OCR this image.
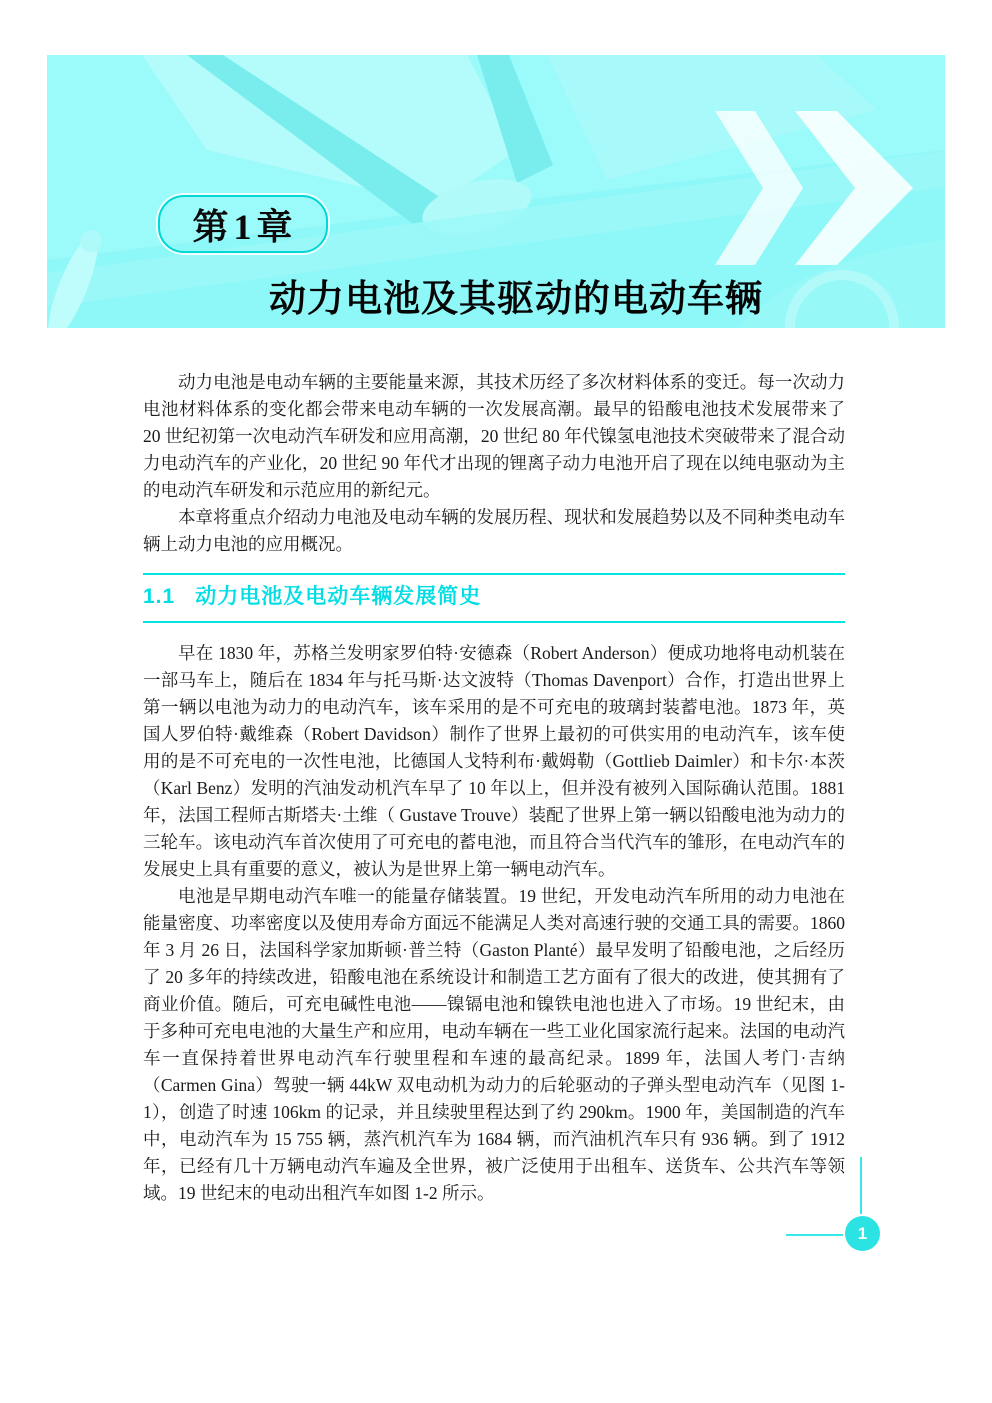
第1章
动力电池及其驱动的电动车辆

动力电池是电动车辆的主要能量来源，其技术历经了多次材料体系的变迁。每一次动力电池材料体系的变化都会带来电动车辆的一次发展高潮。最早的铅酸电池技术发展带来了 20 世纪初第一次电动汽车研发和应用高潮，20 世纪 80 年代镍氢电池技术突破带来了混合动力电动汽车的产业化，20 世纪 90 年代才出现的锂离子动力电池开启了现在以纯电驱动为主的电动汽车研发和示范应用的新纪元。

本章将重点介绍动力电池及电动车辆的发展历程、现状和发展趋势以及不同种类电动车辆上动力电池的应用概况。

1.1 动力电池及电动车辆发展简史

早在 1830 年，苏格兰发明家罗伯特·安德森（Robert Anderson）便成功地将电动机装在一部马车上，随后在 1834 年与托马斯·达文波特（Thomas Davenport）合作，打造出世界上第一辆以电池为动力的电动汽车，该车采用的是不可充电的玻璃封装蓄电池。1873 年，英国人罗伯特·戴维森（Robert Davidson）制作了世界上最初的可供实用的电动汽车，该车使用的是不可充电的一次性电池，比德国人戈特利布·戴姆勒（Gottlieb Daimler）和卡尔·本茨（Karl Benz）发明的汽油发动机汽车早了 10 年以上，但并没有被列入国际确认范围。1881 年，法国工程师古斯塔夫·土维（ Gustave Trouve）装配了世界上第一辆以铅酸电池为动力的三轮车。该电动汽车首次使用了可充电的蓄电池，而且符合当代汽车的雏形，在电动汽车的发展史上具有重要的意义，被认为是世界上第一辆电动汽车。

电池是早期电动汽车唯一的能量存储装置。19 世纪，开发电动汽车所用的动力电池在能量密度、功率密度以及使用寿命方面远不能满足人类对高速行驶的交通工具的需要。1860 年 3 月 26 日，法国科学家加斯顿·普兰特（Gaston Planté）最早发明了铅酸电池，之后经历了 20 多年的持续改进，铅酸电池在系统设计和制造工艺方面有了很大的改进，使其拥有了商业价值。随后，可充电碱性电池——镍镉电池和镍铁电池也进入了市场。19 世纪末，由于多种可充电电池的大量生产和应用，电动车辆在一些工业化国家流行起来。法国的电动汽车一直保持着世界电动汽车行驶里程和车速的最高纪录。1899 年，法国人考门·吉纳（Carmen Gina）驾驶一辆 44kW 双电动机为动力的后轮驱动的子弹头型电动汽车（见图 1-1），创造了时速 106km 的记录，并且续驶里程达到了约 290km。1900 年，美国制造的汽车中，电动汽车为 15 755 辆，蒸汽机汽车为 1684 辆，而汽油机汽车只有 936 辆。到了 1912 年，已经有几十万辆电动汽车遍及全世界，被广泛使用于出租车、送货车、公共汽车等领域。19 世纪末的电动出租汽车如图 1-2 所示。

1
